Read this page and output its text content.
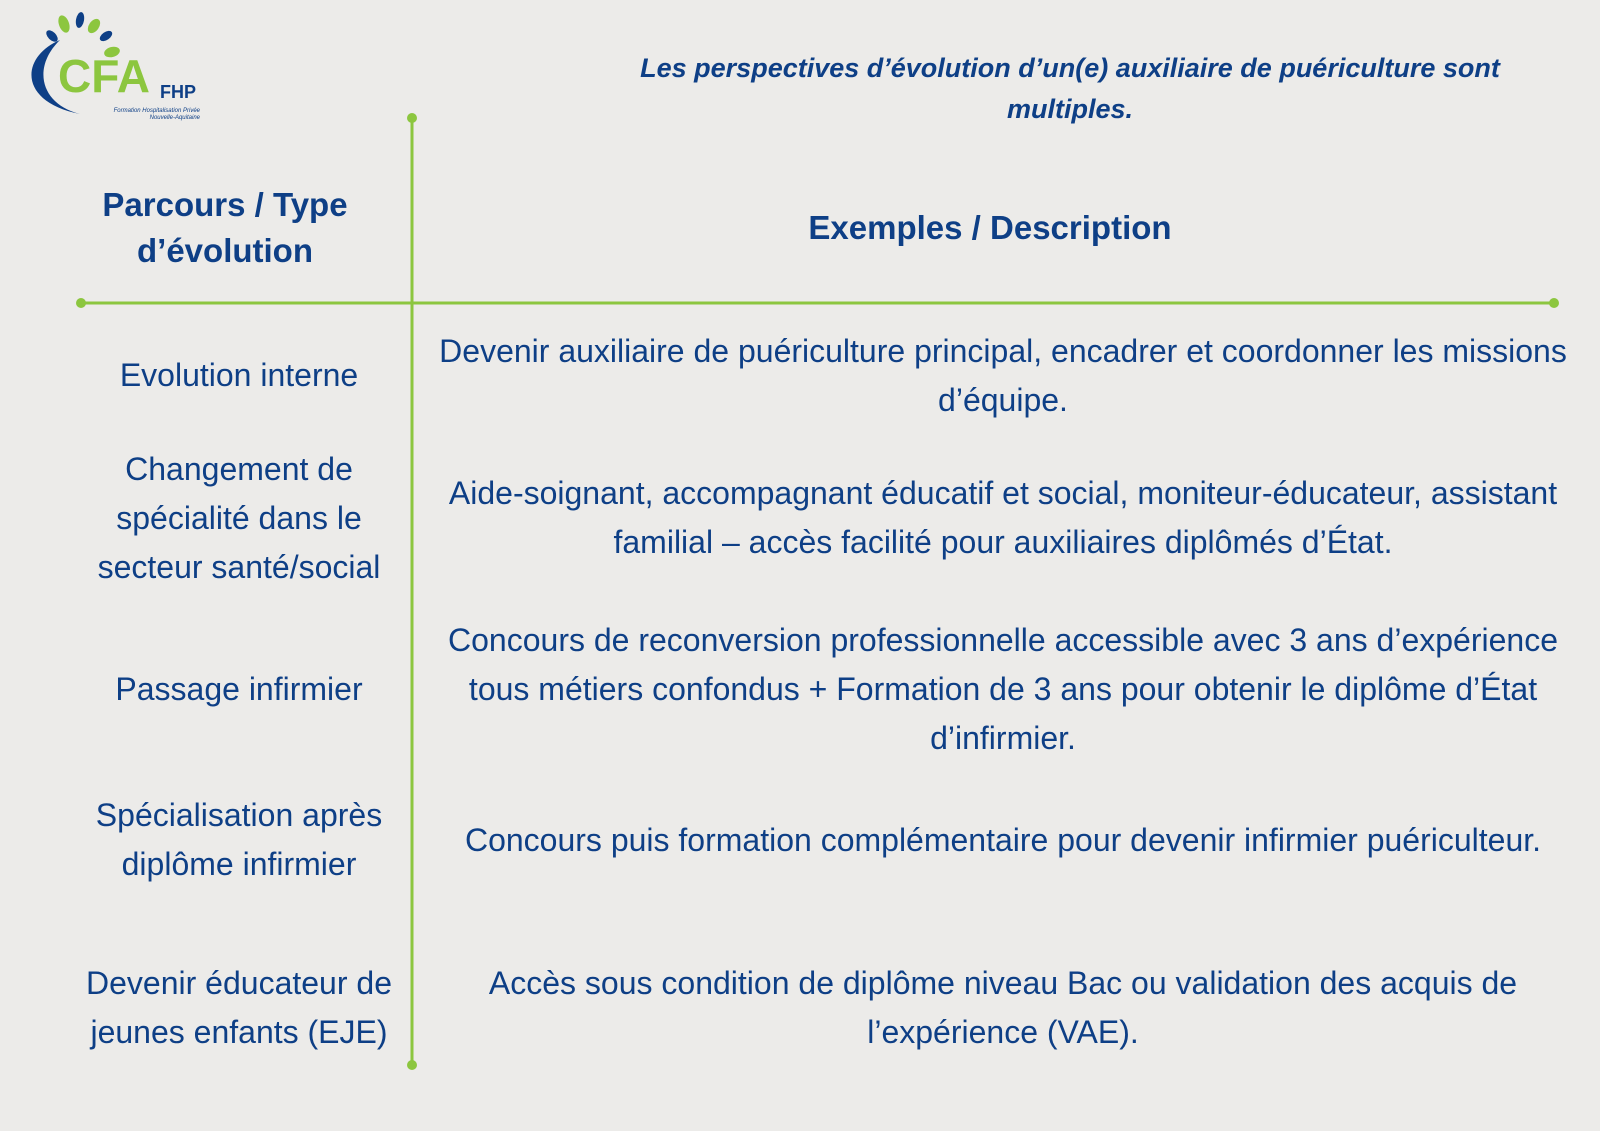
CFA FHP
Formation Hospitalisation Privée
Nouvelle-Aquitaine
Les perspectives d’évolution d’un(e) auxiliaire de puériculture sont multiples.
Parcours / Type d’évolution
Exemples / Description
Evolution interne
Devenir auxiliaire de puériculture principal, encadrer et coordonner les missions d’équipe.
Changement de spécialité dans le secteur santé/social
Aide-soignant, accompagnant éducatif et social, moniteur-éducateur, assistant familial – accès facilité pour auxiliaires diplômés d’État.
Passage infirmier
Concours de reconversion professionnelle accessible avec 3 ans d’expérience tous métiers confondus + Formation de 3 ans pour obtenir le diplôme d’État d’infirmier.
Spécialisation après diplôme infirmier
Concours puis formation complémentaire pour devenir infirmier puériculteur.
Devenir éducateur de jeunes enfants (EJE)
Accès sous condition de diplôme niveau Bac ou validation des acquis de l’expérience (VAE).
